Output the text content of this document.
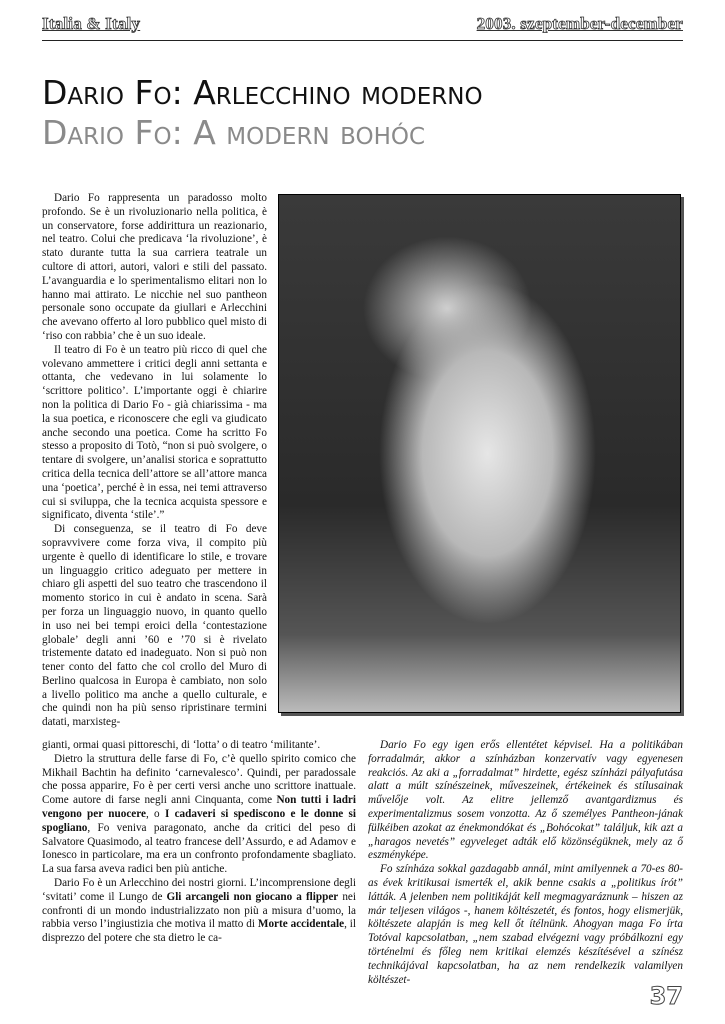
Italia & Italy	2003. szeptember-december
Dario Fo: Arlecchino moderno
Dario Fo: A modern bohóc

Dario Fo rappresenta un paradosso molto profondo. Se è un rivoluzionario nella politica, è un conservatore, forse addirittura un reazionario, nel teatro. Colui che predicava ‘la rivoluzione’, è stato durante tutta la sua carriera teatrale un cultore di attori, autori, valori e stili del passato. L’avanguardia e lo sperimentalismo elitari non lo hanno mai attirato. Le nicchie nel suo pantheon personale sono occupate da giullari e Arlecchini che avevano offerto al loro pubblico quel misto di ‘riso con rabbia’ che è un suo ideale.

Il teatro di Fo è un teatro più ricco di quel che volevano ammettere i critici degli anni settanta e ottanta, che vedevano in lui solamente lo ‘scrittore politico’. L’importante oggi è chiarire non la politica di Dario Fo - già chiarissima - ma la sua poetica, e riconoscere che egli va giudicato anche secondo una poetica. Come ha scritto Fo stesso a proposito di Totò, “non si può svolgere, o tentare di svolgere, un’analisi storica e soprattutto critica della tecnica dell’attore se all’attore manca una ‘poetica’, perché è in essa, nei temi attraverso cui si sviluppa, che la tecnica acquista spessore e significato, diventa ‘stile’.”

Di conseguenza, se il teatro di Fo deve sopravvivere come forza viva, il compito più urgente è quello di identificare lo stile, e trovare un linguaggio critico adeguato per mettere in chiaro gli aspetti del suo teatro che trascendono il momento storico in cui è andato in scena. Sarà per forza un linguaggio nuovo, in quanto quello in uso nei bei tempi eroici della ‘contestazione globale’ degli anni ’60 e ’70 si è rivelato tristemente datato ed inadeguato. Non si può non tener conto del fatto che col crollo del Muro di Berlino qualcosa in Europa è cambiato, non solo a livello politico ma anche a quello culturale, e che quindi non ha più senso ripristinare termini datati, marxisteg-

gianti, ormai quasi pittoreschi, di ‘lotta’ o di teatro ‘militante’.

Dietro la struttura delle farse di Fo, c’è quello spirito comico che Mikhail Bachtin ha definito ‘carnevalesco’. Quindi, per paradossale che possa apparire, Fo è per certi versi anche uno scrittore inattuale. Come autore di farse negli anni Cinquanta, come Non tutti i ladri vengono per nuocere, o I cadaveri si spediscono e le donne si spogliano, Fo veniva paragonato, anche da critici del peso di Salvatore Quasimodo, al teatro francese dell’Assurdo, e ad Adamov e Ionesco in particolare, ma era un confronto profondamente sbagliato. La sua farsa aveva radici ben più antiche.

Dario Fo è un Arlecchino dei nostri giorni. L’incomprensione degli ‘svitati’ come il Lungo de Gli arcangeli non giocano a flipper nei confronti di un mondo industrializzato non più a misura d’uomo, la rabbia verso l’ingiustizia che motiva il matto di Morte accidentale, il disprezzo del potere che sta dietro le ca-

Dario Fo egy igen erős ellentétet képvisel. Ha a politikában forradalmár, akkor a színházban konzervatív vagy egyenesen reakciós. Az aki a „forradalmat” hirdette, egész színházi pályafutása alatt a múlt színészeinek, műveszeinek, értékeinek és stílusainak művelője volt. Az elitre jellemző avantgardizmus és experimentalizmus sosem vonzotta. Az ő személyes Pantheon-jának fülkéiben azokat az énekmondókat és „Bohócokat” találjuk, kik azt a „haragos nevetés” egyveleget adták elő közönségüknek, mely az ő eszményképe.

Fo színháza sokkal gazdagabb annál, mint amilyennek a 70-es 80-as évek kritikusai ismerték el, akik benne csakis a „politikus írót” látták. A jelenben nem politikáját kell megmagyaráznunk – hiszen az már teljesen világos -, hanem költészetét, és fontos, hogy elismerjük, költészete alapján is meg kell őt ítélnünk. Ahogyan maga Fo írta Totóval kapcsolatban, „nem szabad elvégezni vagy próbálkozni egy történelmi és főleg nem kritikai elemzés készítésével a színész technikájával kapcsolatban, ha az nem rendelkezik valamilyen költészet-

37
